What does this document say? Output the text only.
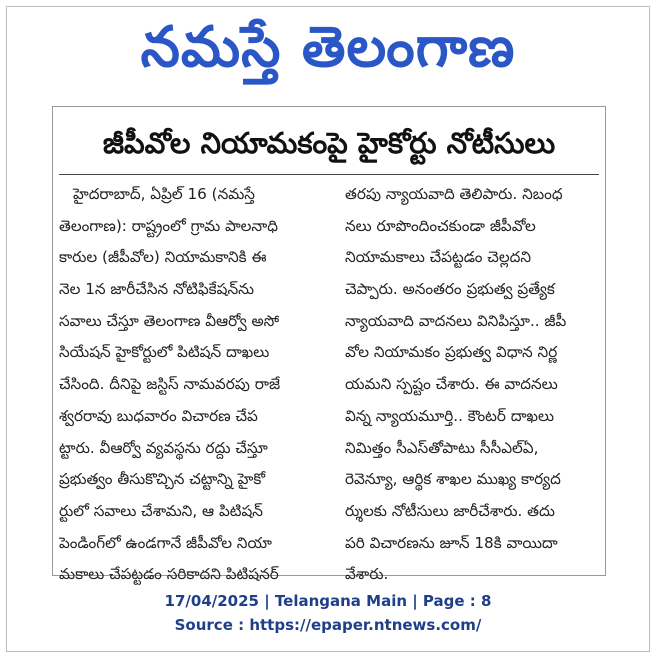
నమస్తే తెలంగాణ
జీపీవోల నియామకంపై హైకోర్టు నోటీసులు
హైదరాబాద్, ఏప్రిల్ 16 (నమస్తే
తెలంగాణ): రాష్ట్రంలో గ్రామ పాలనాధి
కారుల (జీపీవోల) నియామకానికి ఈ
నెల 1న జారీచేసిన నోటిఫికేషన్‌ను
సవాలు చేస్తూ తెలంగాణ వీఆర్వో అసో
సియేషన్ హైకోర్టులో పిటిషన్ దాఖలు
చేసింది. దీనిపై జస్టిస్ నామవరపు రాజే
శ్వరరావు బుధవారం విచారణ చేప
ట్టారు. వీఆర్వో వ్యవస్థను రద్దు చేస్తూ
ప్రభుత్వం తీసుకొచ్చిన చట్టాన్ని హైకో
ర్టులో సవాలు చేశామని, ఆ పిటిషన్
పెండింగ్‌లో ఉండగానే జీపీవోల నియా
మకాలు చేపట్టడం సరికాదని పిటిషనర్
తరపు న్యాయవాది తెలిపారు. నిబంధ
నలు రూపొందించకుండా జీపీవోల
నియామకాలు చేపట్టడం చెల్లదని
చెప్పారు. అనంతరం ప్రభుత్వ ప్రత్యేక
న్యాయవాది వాదనలు వినిపిస్తూ.. జీపీ
వోల నియామకం ప్రభుత్వ విధాన నిర్ణ
యమని స్పష్టం చేశారు. ఈ వాదనలు
విన్న న్యాయమూర్తి.. కౌంటర్ దాఖలు
నిమిత్తం సీఎస్‌తోపాటు సీసీఎల్ఏ,
రెవెన్యూ, ఆర్థిక శాఖల ముఖ్య కార్యద
ర్శులకు నోటీసులు జారీచేశారు. తదు
పరి విచారణను జూన్ 18కి వాయిదా
వేశారు.
17/04/2025 | Telangana Main | Page : 8
Source : https://epaper.ntnews.com/
